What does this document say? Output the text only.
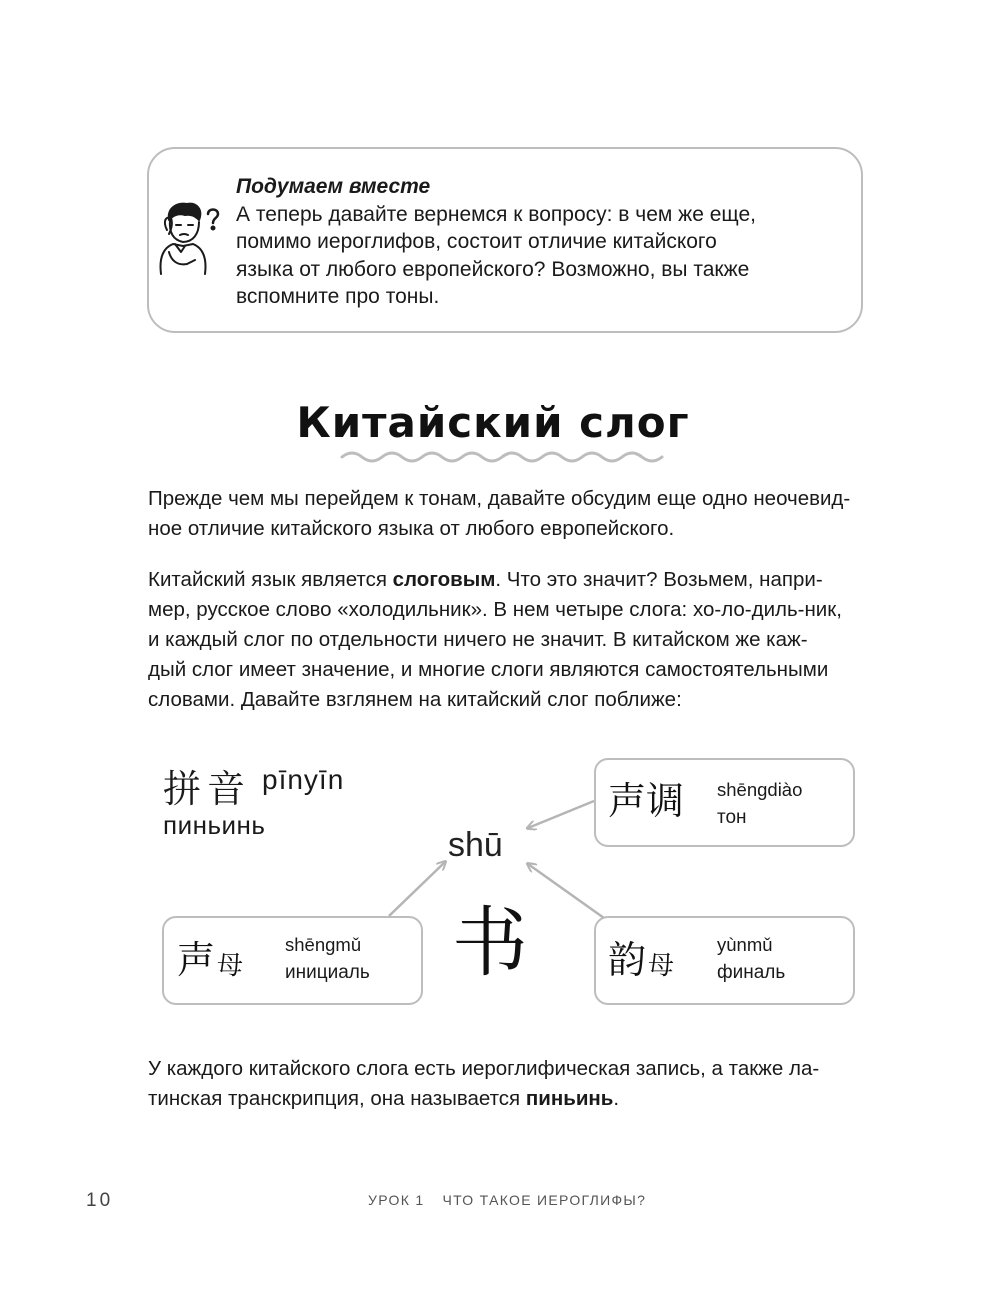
Подумаем вместе
А теперь давайте вернемся к вопросу: в чем же еще,
помимо иероглифов, состоит отличие китайского
языка от любого европейского? Возможно, вы также
вспомните про тоны.
Китайский слог
Прежде чем мы перейдем к тонам, давайте обсудим еще одно неочевид-
ное отличие китайского языка от любого европейского.
Китайский язык является слоговым. Что это значит? Возьмем, напри-
мер, русское слово «холодильник». В нем четыре слога: хо-ло-диль-ник,
и каждый слог по отдельности ничего не значит. В китайском же каж-
дый слог имеет значение, и многие слоги являются самостоятельными
словами. Давайте взглянем на китайский слог поближе:
拼音 pīnyīn
пиньинь
shū
书
声调 shēngdiào
тон
声 母
shēngmǔ
инициаль	韵 母
yùnmǔ
финаль
У каждого китайского слога есть иероглифическая запись, а также ла-
тинская транскрипция, она называется пиньинь.
10	УРОК 1 ЧТО ТАКОЕ ИЕРОГЛИФЫ?
